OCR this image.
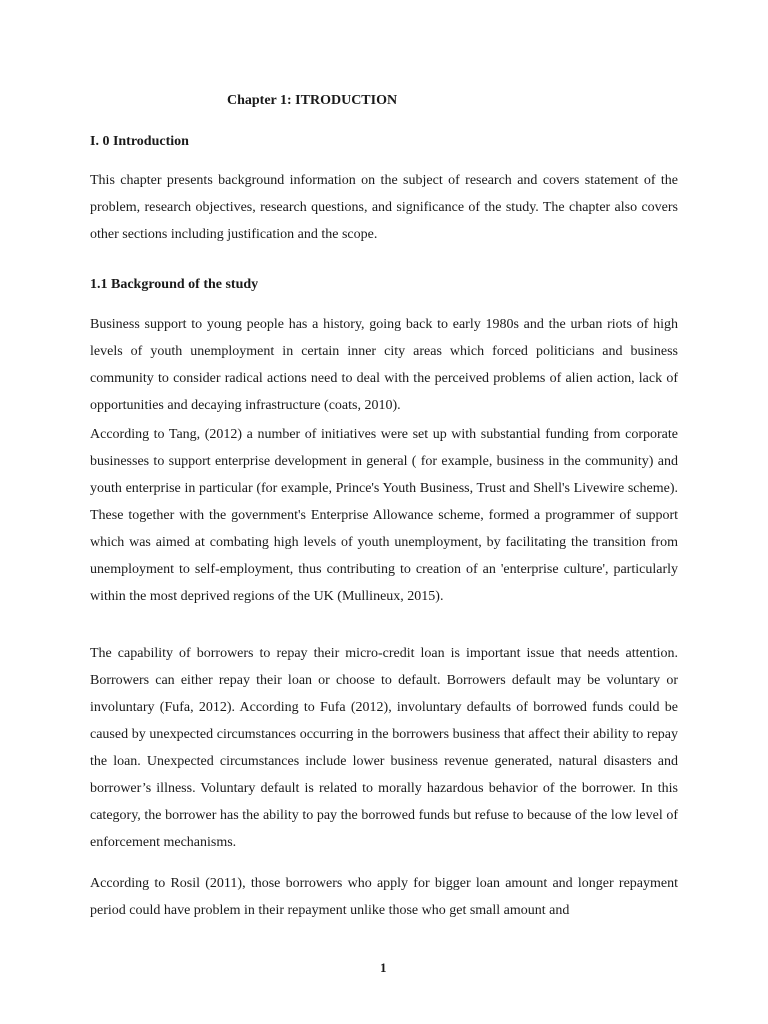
Chapter 1: ITRODUCTION

I. 0 Introduction

This chapter presents background information on the subject of research and covers statement of the problem, research objectives, research questions, and significance of the study. The chapter also covers other sections including justification and the scope.

1.1 Background of the study

Business support to young people has a history, going back to early 1980s and the urban riots of high levels of youth unemployment in certain inner city areas which forced politicians and business community to consider radical actions need to deal with the perceived problems of alien action, lack of opportunities and decaying infrastructure (coats, 2010).

According to Tang, (2012) a number of initiatives were set up with substantial funding from corporate businesses to support enterprise development in general ( for example, business in the community) and youth enterprise in particular (for example, Prince's Youth Business, Trust and Shell's Livewire scheme). These together with the government's Enterprise Allowance scheme, formed a programmer of support which was aimed at combating high levels of youth unemployment, by facilitating the transition from unemployment to self-employment, thus contributing to creation of an 'enterprise culture', particularly within the most deprived regions of the UK (Mullineux, 2015).

The capability of borrowers to repay their micro-credit loan is important issue that needs attention. Borrowers can either repay their loan or choose to default. Borrowers default may be voluntary or involuntary (Fufa, 2012). According to Fufa (2012), involuntary defaults of borrowed funds could be caused by unexpected circumstances occurring in the borrowers business that affect their ability to repay the loan. Unexpected circumstances include lower business revenue generated, natural disasters and borrower’s illness. Voluntary default is related to morally hazardous behavior of the borrower. In this category, the borrower has the ability to pay the borrowed funds but refuse to because of the low level of enforcement mechanisms.

According to Rosil (2011), those borrowers who apply for bigger loan amount and longer repayment period could have problem in their repayment unlike those who get small amount and

1
